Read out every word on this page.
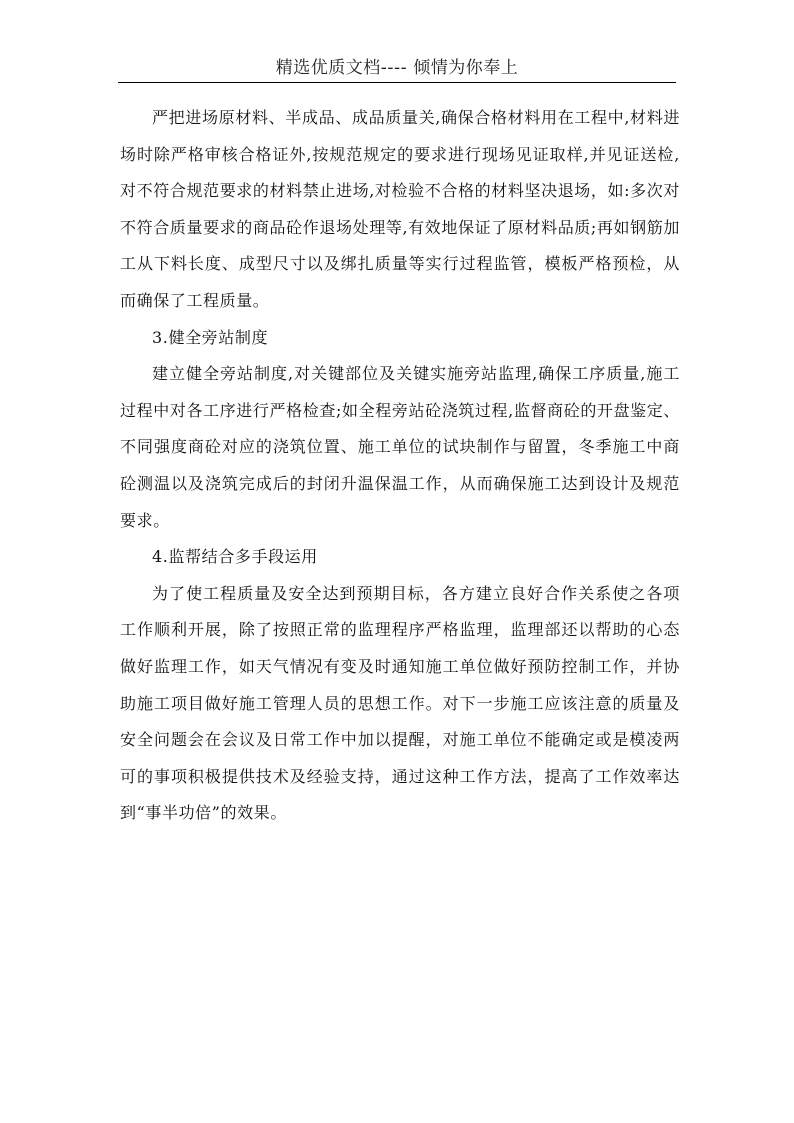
精选优质文档---- 倾情为你奉上

严把进场原材料、半成品、成品质量关,确保合格材料用在工程中,材料进场时除严格审核合格证外,按规范规定的要求进行现场见证取样,并见证送检,对不符合规范要求的材料禁止进场,对检验不合格的材料坚决退场，如:多次对不符合质量要求的商品砼作退场处理等,有效地保证了原材料品质;再如钢筋加工从下料长度、成型尺寸以及绑扎质量等实行过程监管，模板严格预检，从而确保了工程质量。

3.健全旁站制度

建立健全旁站制度,对关键部位及关键实施旁站监理,确保工序质量,施工过程中对各工序进行严格检查;如全程旁站砼浇筑过程,监督商砼的开盘鉴定、不同强度商砼对应的浇筑位置、施工单位的试块制作与留置，冬季施工中商砼测温以及浇筑完成后的封闭升温保温工作，从而确保施工达到设计及规范要求。

4.监帮结合多手段运用

为了使工程质量及安全达到预期目标，各方建立良好合作关系使之各项工作顺利开展，除了按照正常的监理程序严格监理，监理部还以帮助的心态做好监理工作，如天气情况有变及时通知施工单位做好预防控制工作，并协助施工项目做好施工管理人员的思想工作。对下一步施工应该注意的质量及安全问题会在会议及日常工作中加以提醒，对施工单位不能确定或是模凌两可的事项积极提供技术及经验支持，通过这种工作方法，提高了工作效率达到“事半功倍”的效果。
